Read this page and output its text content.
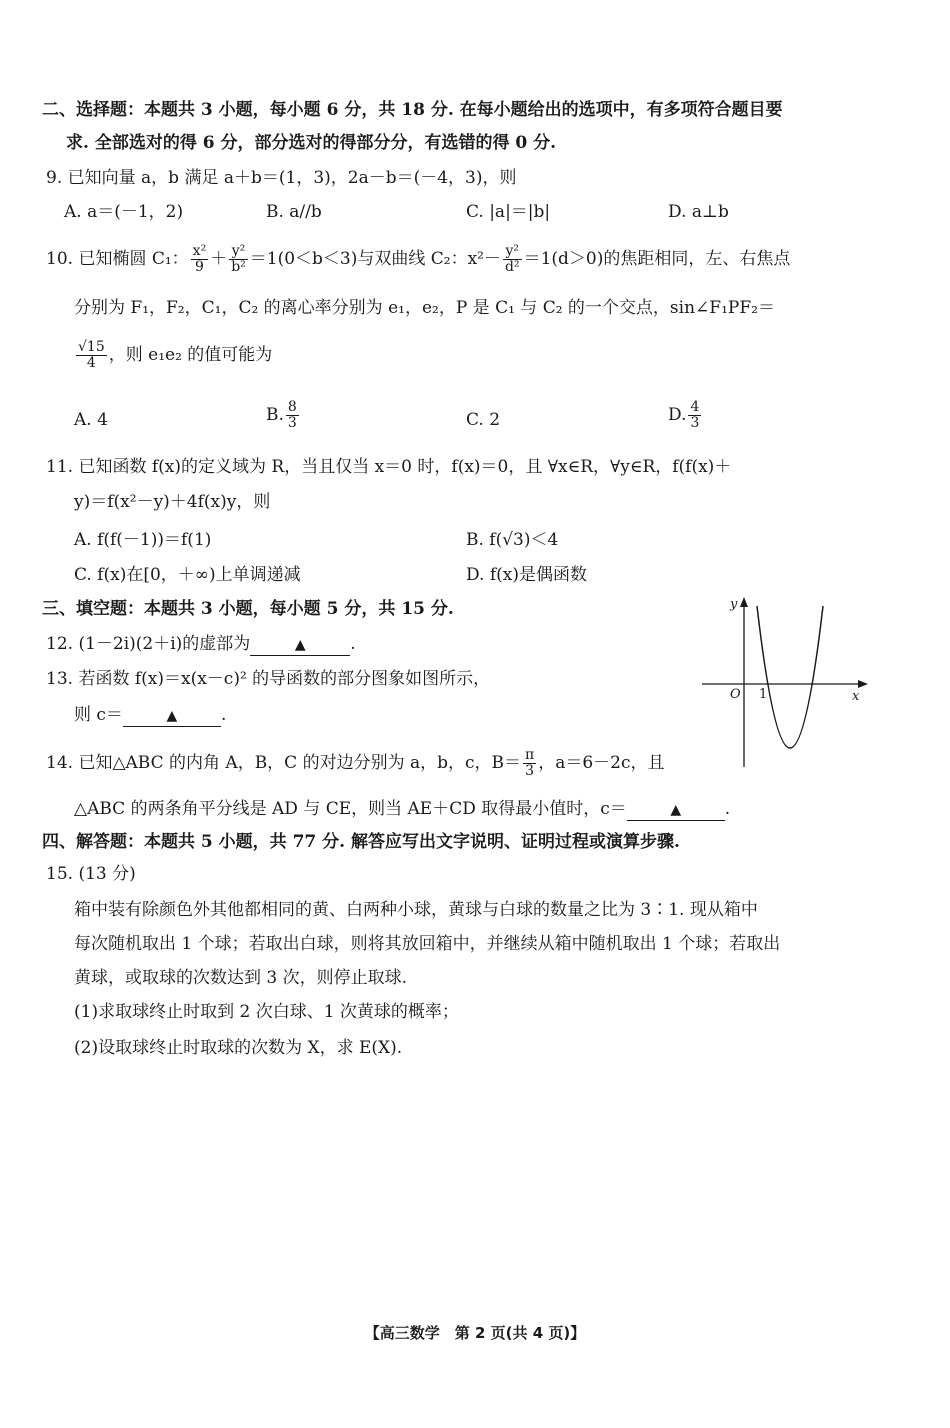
二、选择题：本题共 3 小题，每小题 6 分，共 18 分. 在每小题给出的选项中，有多项符合题目要
求. 全部选对的得 6 分，部分选对的得部分分，有选错的得 0 分.
9. 已知向量 a，b 满足 a＋b＝(1，3)，2a－b＝(－4，3)，则
A. a＝(－1，2)	B. a//b	C. |a|＝|b|	D. a⊥b
10. 已知椭圆 C₁： $\frac{\text{x²}}{9} + \frac{\text{y²}}{\text{b²}} =1(0<b<3)$与双曲线 C₂：$x^2- \frac{\text{y²}}{\text{d²}} =1(d>0)$的焦距相同，左、右焦点
分别为 F₁，F₂，C₁，C₂ 的离心率分别为 e₁，e₂，P 是 C₁ 与 C₂ 的一个交点，sin∠F₁PF₂＝
$\frac{√15}{4}$ ，则 e₁e₂ 的值可能为
A. 4	B. $\frac{8}{3}$	C. 2	D. $\frac{4}{3}$
11. 已知函数 f(x)的定义域为 R，当且仅当 x＝0 时，f(x)＝0，且 ∀x∈R，∀y∈R，f(f(x)＋
y)＝f(x²－y)＋4f(x)y，则
A. f(f(－1))＝f(1)	B. f(√3)＜4
C. f(x)在[0，＋∞)上单调递减	D. f(x)是偶函数
三、填空题：本题共 3 小题，每小题 5 分，共 15 分.
12. (1－2i)(2＋i)的虚部为	▲	.
13. 若函数 f(x)＝x(x－c)² 的导函数的部分图象如图所示，
则 c＝	▲	.
y
O 1	x
14. 已知△ABC 的内角 A，B，C 的对边分别为 a，b，c，$B= \frac{\pi}{3}$ ，a＝6－2c，且
△ABC 的两条角平分线是 AD 与 CE，则当 AE＋CD 取得最小值时，c＝	▲	.
四、解答题：本题共 5 小题，共 77 分. 解答应写出文字说明、证明过程或演算步骤.
15. (13 分)
箱中装有除颜色外其他都相同的黄、白两种小球，黄球与白球的数量之比为 3∶1. 现从箱中
每次随机取出 1 个球；若取出白球，则将其放回箱中，并继续从箱中随机取出 1 个球；若取出
黄球，或取球的次数达到 3 次，则停止取球.
(1)求取球终止时取到 2 次白球、1 次黄球的概率；
(2)设取球终止时取球的次数为 X，求 E(X).
【高三数学　第 2 页(共 4 页)】
